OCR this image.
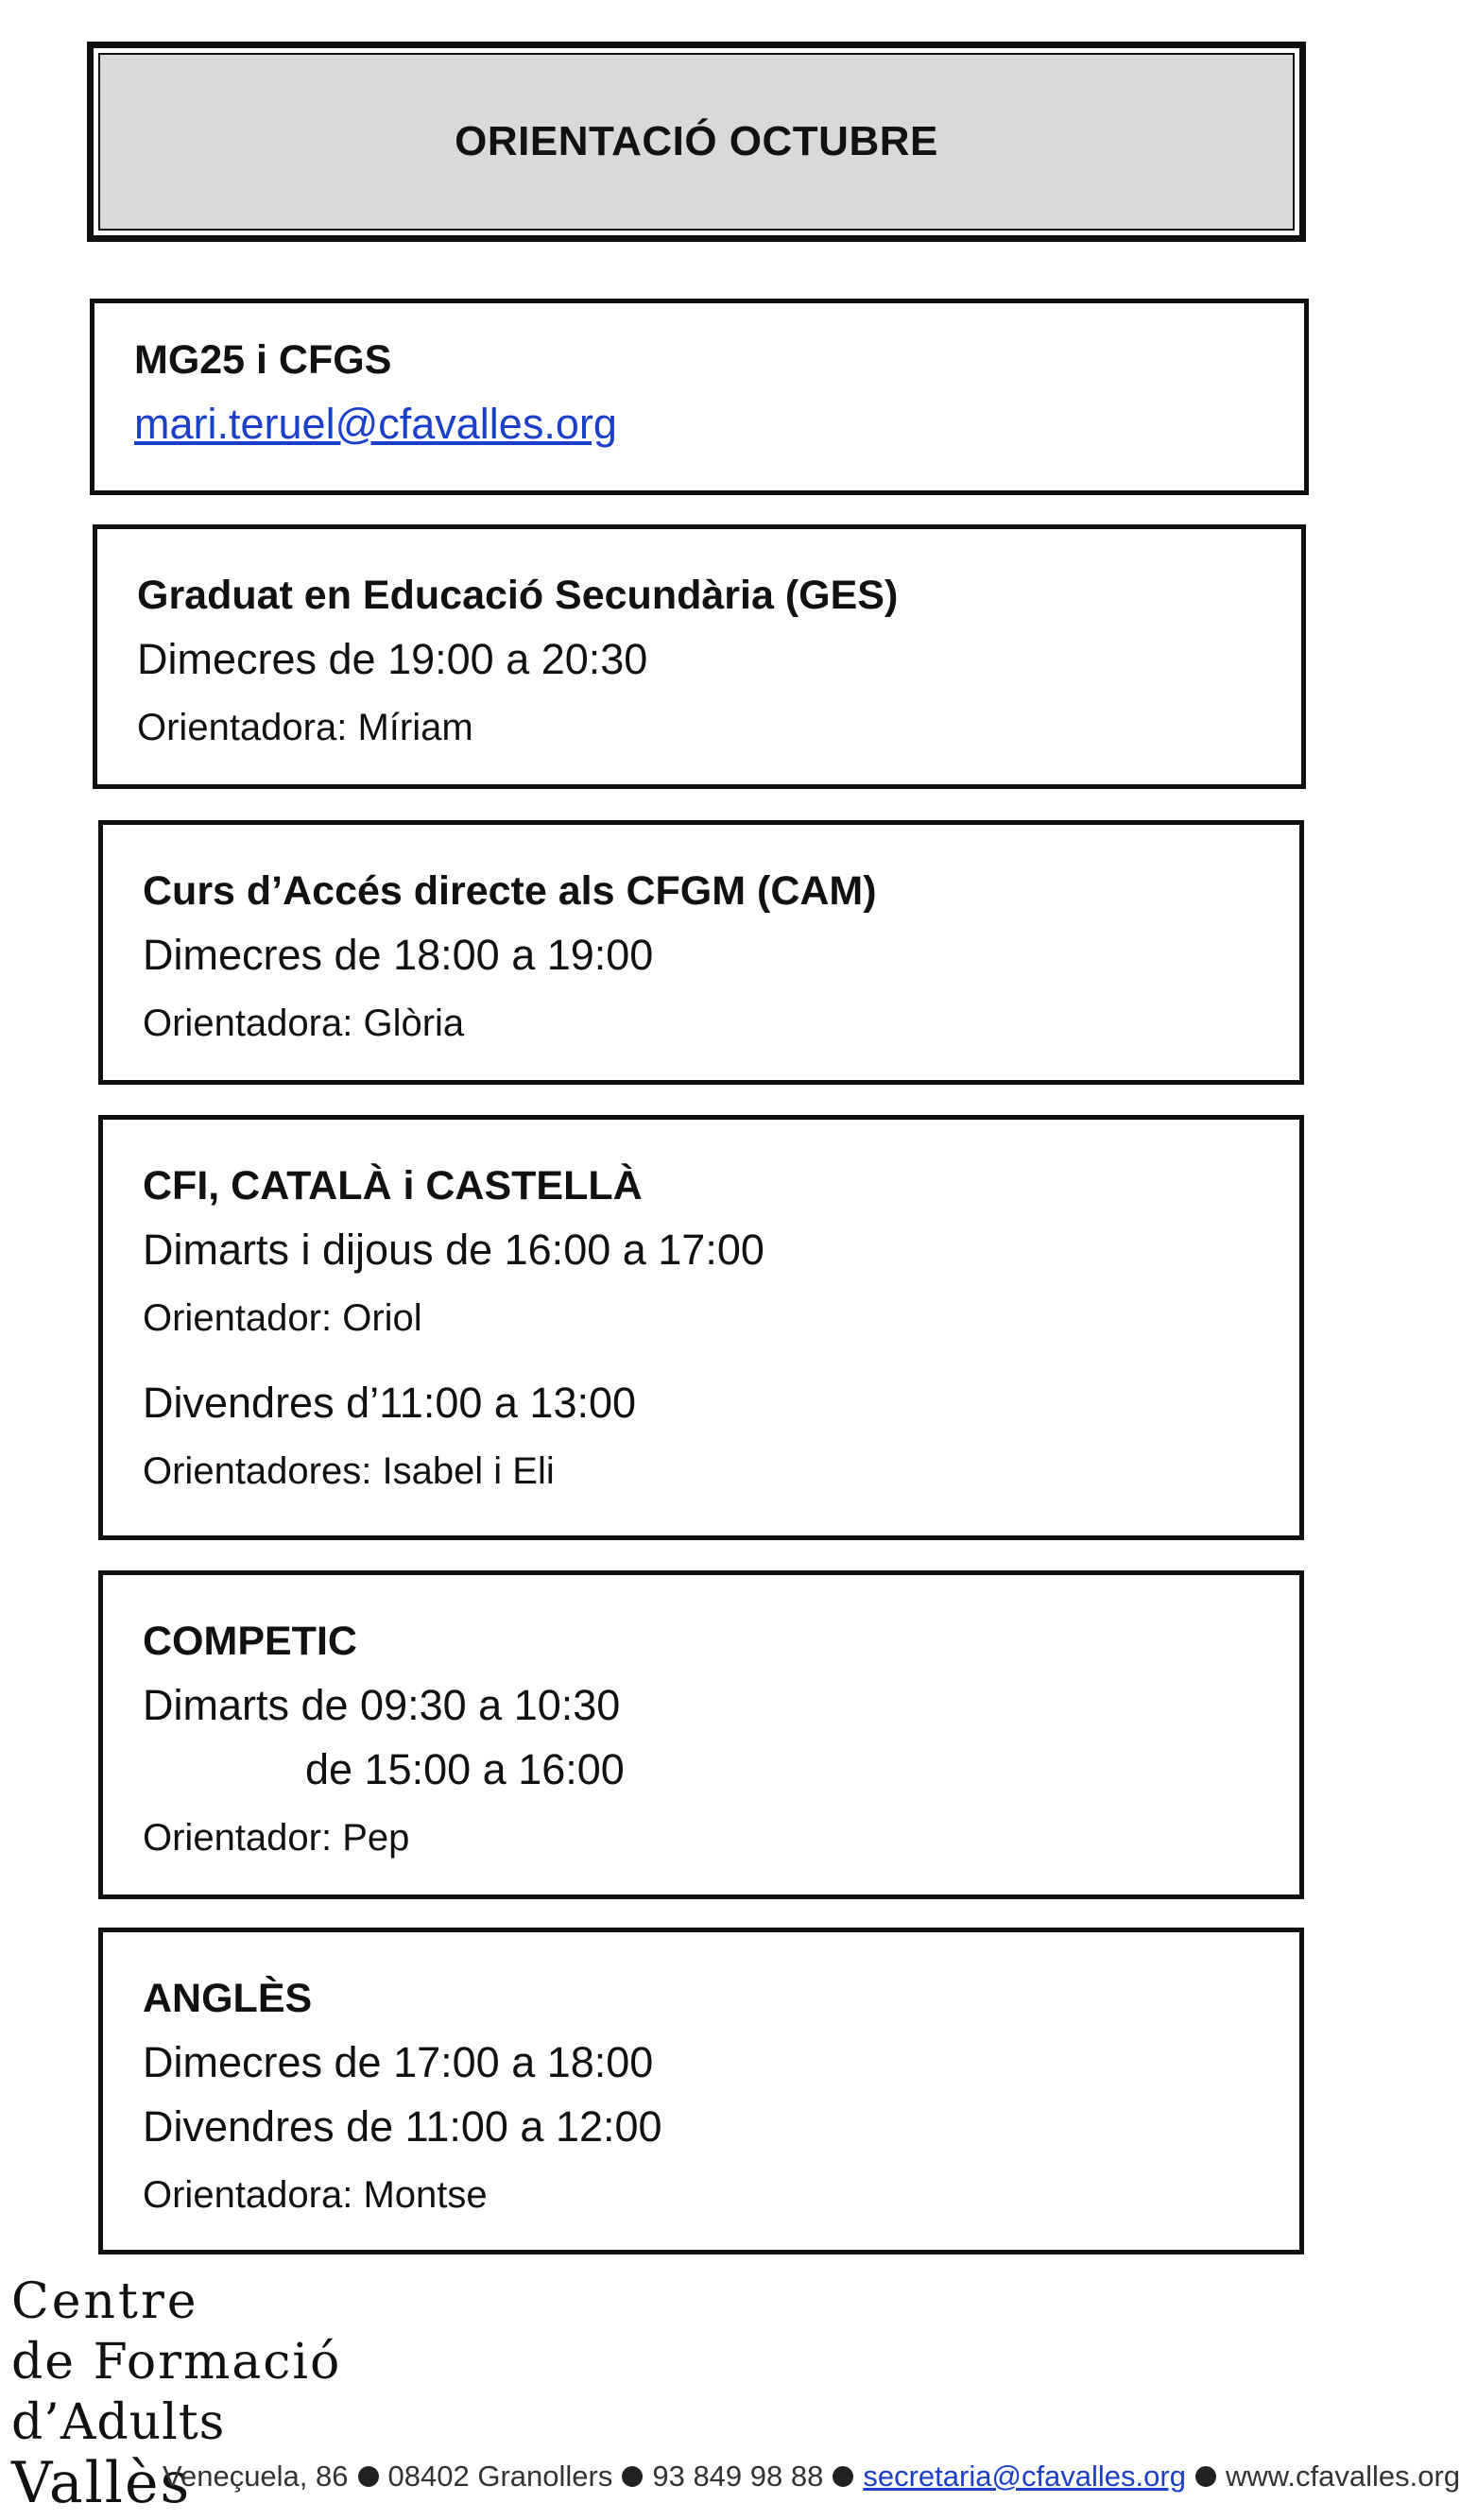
ORIENTACIÓ OCTUBRE
MG25 i CFGS
mari.teruel@cfavalles.org
Graduat en Educació Secundària (GES)
Dimecres de 19:00 a 20:30
Orientadora: Míriam
Curs d’Accés directe als CFGM (CAM)
Dimecres de 18:00 a 19:00
Orientadora: Glòria
CFI, CATALÀ i CASTELLÀ
Dimarts i dijous de 16:00 a 17:00
Orientador: Oriol
Divendres d’11:00 a 13:00
Orientadores: Isabel i Eli
COMPETIC
Dimarts de 09:30 a 10:30
de 15:00 a 16:00
Orientador: Pep
ANGLÈS
Dimecres de 17:00 a 18:00
Divendres de 11:00 a 12:00
Orientadora: Montse
Centre
de Formació
d’Adults
Vallès
Veneçuela, 86 08402 Granollers 93 849 98 88 secretaria@cfavalles.org www.cfavalles.org
